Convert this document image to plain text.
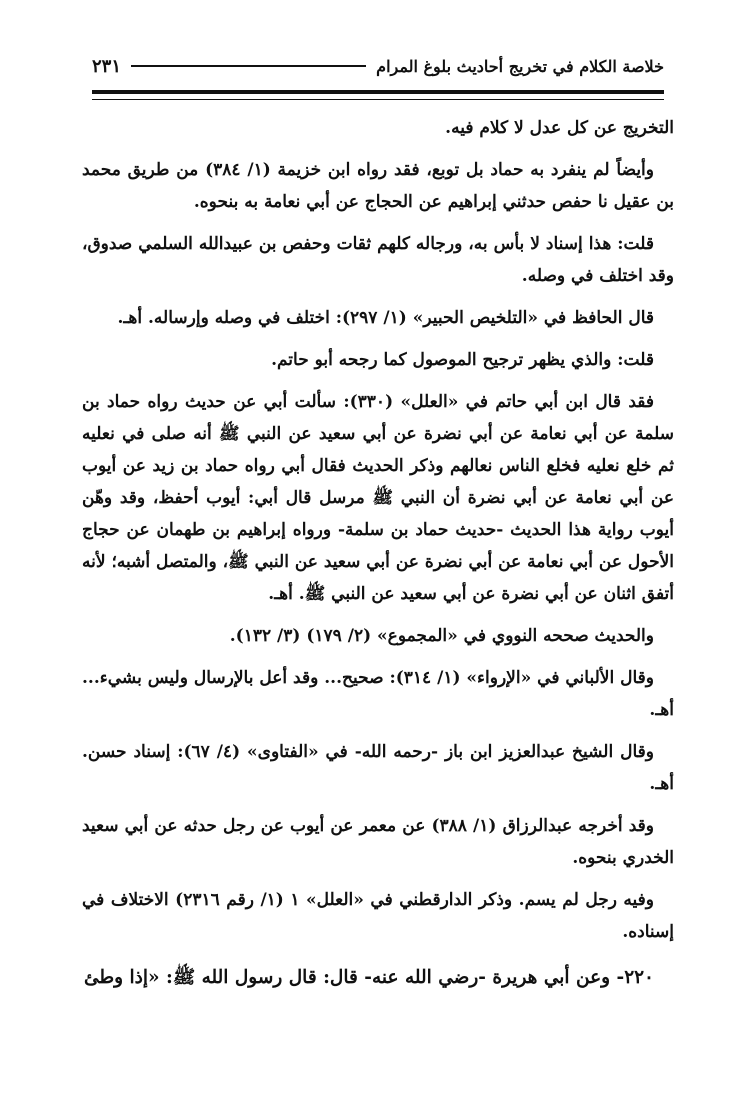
خلاصة الكلام في تخريج أحاديث بلوغ المرام
٢٣١

التخريج عن كل عدل لا كلام فيه.

وأيضاً لم ينفرد به حماد بل توبع، فقد رواه ابن خزيمة (١/ ٣٨٤) من طريق محمد بن عقيل نا حفص حدثني إبراهيم عن الحجاج عن أبي نعامة به بنحوه.

قلت: هذا إسناد لا بأس به، ورجاله كلهم ثقات وحفص بن عبيدالله السلمي صدوق، وقد اختلف في وصله.

قال الحافظ في «التلخيص الحبير» (١/ ٢٩٧): اختلف في وصله وإرساله. أهـ.

قلت: والذي يظهر ترجيح الموصول كما رجحه أبو حاتم.

فقد قال ابن أبي حاتم في «العلل» (٣٣٠): سألت أبي عن حديث رواه حماد بن سلمة عن أبي نعامة عن أبي نضرة عن أبي سعيد عن النبي ﷺ أنه صلى في نعليه ثم خلع نعليه فخلع الناس نعالهم وذكر الحديث فقال أبي رواه حماد بن زيد عن أيوب عن أبي نعامة عن أبي نضرة أن النبي ﷺ مرسل قال أبي: أيوب أحفظ، وقد وهّن أيوب رواية هذا الحديث -حديث حماد بن سلمة- ورواه إبراهيم بن طهمان عن حجاج الأحول عن أبي نعامة عن أبي نضرة عن أبي سعيد عن النبي ﷺ، والمتصل أشبه؛ لأنه أتفق اثنان عن أبي نضرة عن أبي سعيد عن النبي ﷺ. أهـ.

والحديث صححه النووي في «المجموع» (٢/ ١٧٩) (٣/ ١٣٢).

وقال الألباني في «الإرواء» (١/ ٣١٤): صحيح... وقد أعل بالإرسال وليس بشيء... أهـ.

وقال الشيخ عبدالعزيز ابن باز -رحمه الله- في «الفتاوى» (٤/ ٦٧): إسناد حسن. أهـ.

وقد أخرجه عبدالرزاق (١/ ٣٨٨) عن معمر عن أيوب عن رجل حدثه عن أبي سعيد الخدري بنحوه.

وفيه رجل لم يسم. وذكر الدارقطني في «العلل» ١ (١/ رقم ٢٣١٦) الاختلاف في إسناده.

٢٢٠- وعن أبي هريرة -رضي الله عنه- قال: قال رسول الله ﷺ: «إذا وطئ
